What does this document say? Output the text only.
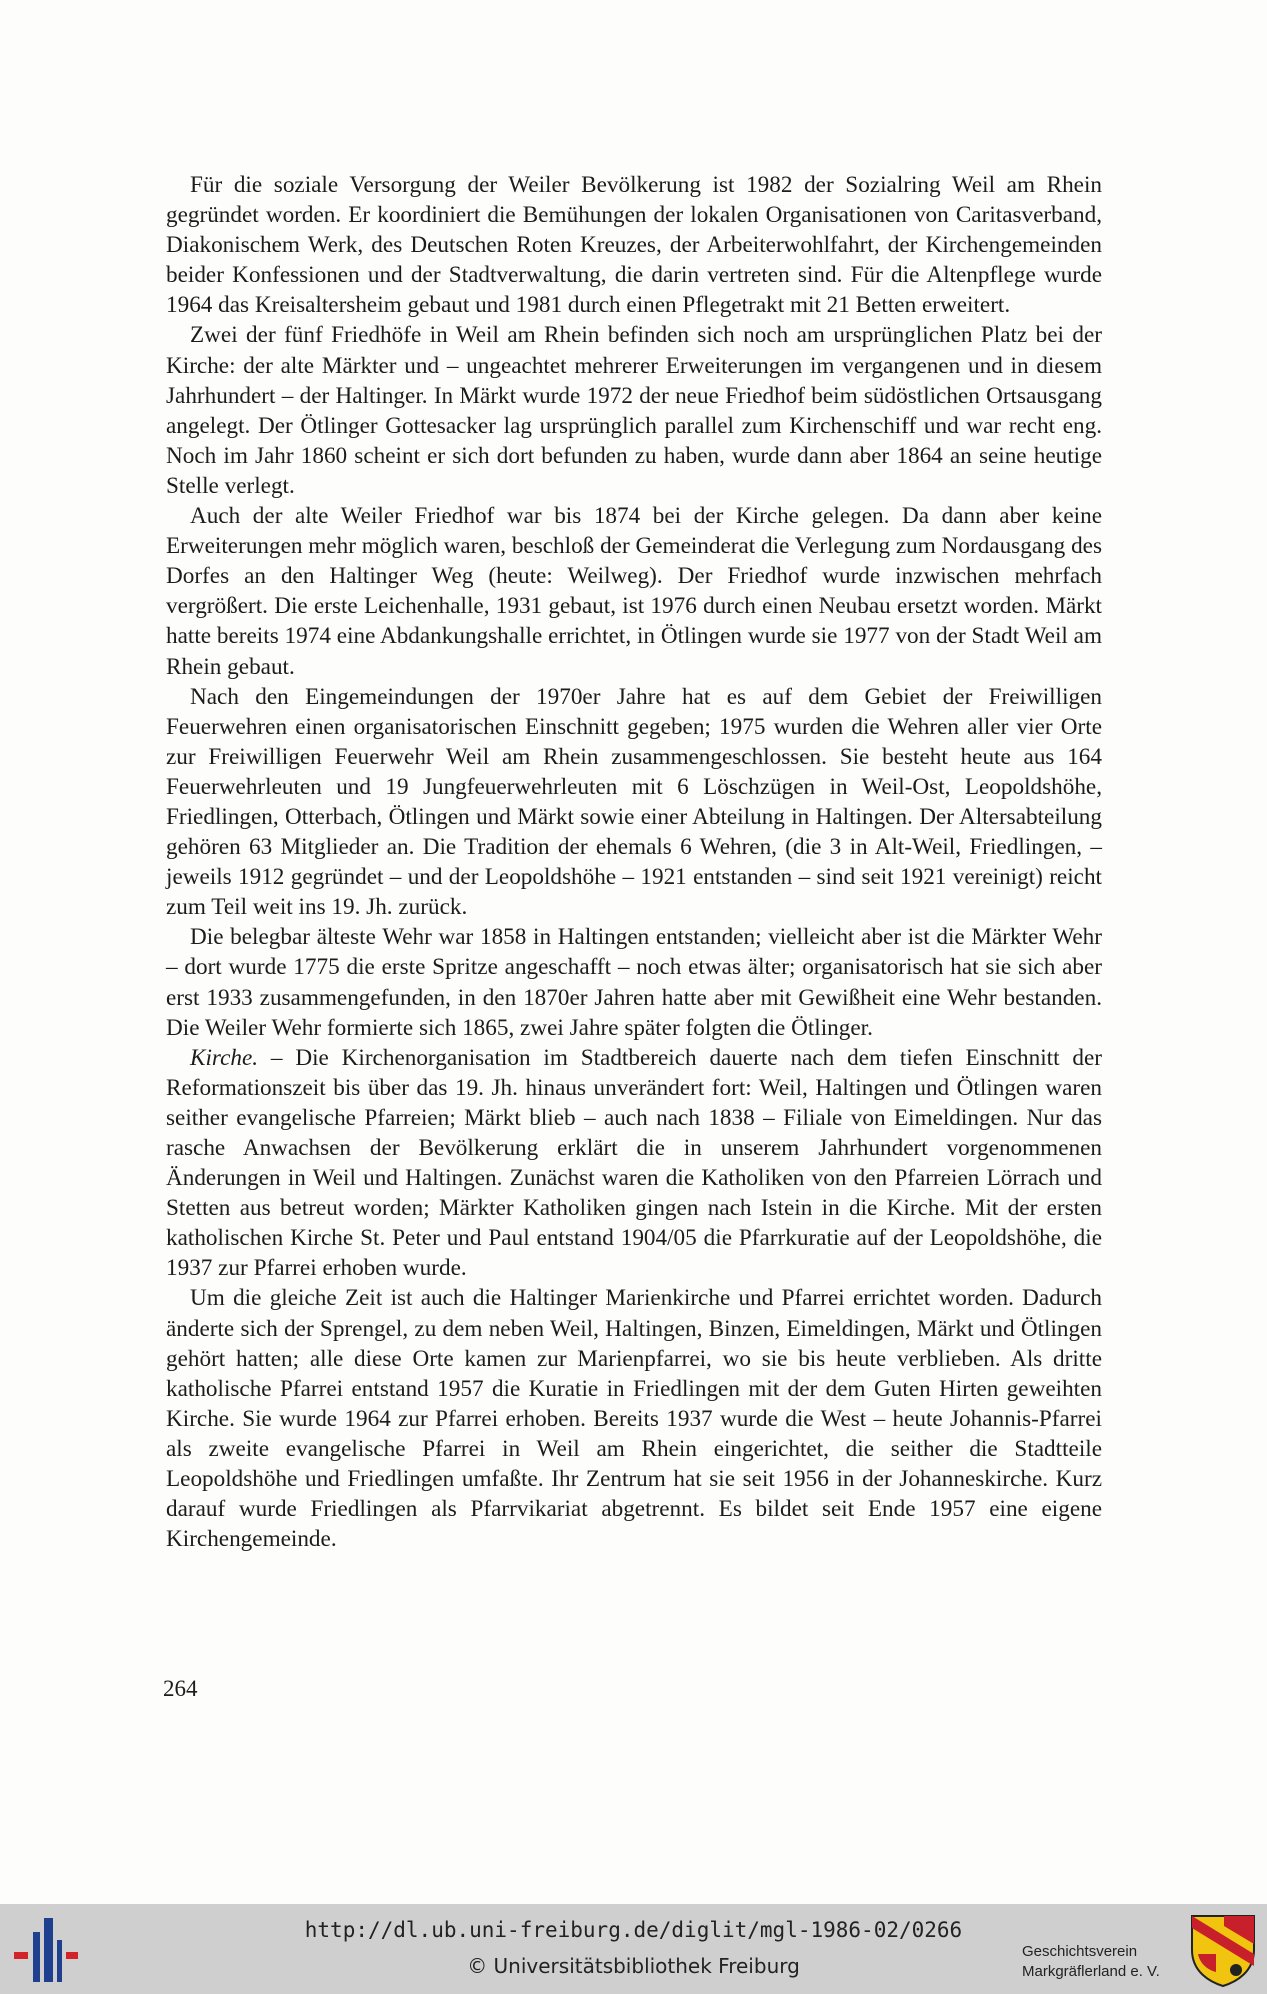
Für die soziale Versorgung der Weiler Bevölkerung ist 1982 der Sozialring Weil am Rhein gegründet worden. Er koordiniert die Bemühungen der lokalen Organisationen von Caritasverband, Diakonischem Werk, des Deutschen Roten Kreuzes, der Arbeiterwohlfahrt, der Kirchengemeinden beider Konfessionen und der Stadtverwaltung, die darin vertreten sind. Für die Altenpflege wurde 1964 das Kreisaltersheim gebaut und 1981 durch einen Pflegetrakt mit 21 Betten erweitert.

Zwei der fünf Friedhöfe in Weil am Rhein befinden sich noch am ursprünglichen Platz bei der Kirche: der alte Märkter und – ungeachtet mehrerer Erweiterungen im vergangenen und in diesem Jahrhundert – der Haltinger. In Märkt wurde 1972 der neue Friedhof beim südöstlichen Ortsausgang angelegt. Der Ötlinger Gottesacker lag ursprünglich parallel zum Kirchenschiff und war recht eng. Noch im Jahr 1860 scheint er sich dort befunden zu haben, wurde dann aber 1864 an seine heutige Stelle verlegt.

Auch der alte Weiler Friedhof war bis 1874 bei der Kirche gelegen. Da dann aber keine Erweiterungen mehr möglich waren, beschloß der Gemeinderat die Verlegung zum Nordausgang des Dorfes an den Haltinger Weg (heute: Weilweg). Der Friedhof wurde inzwischen mehrfach vergrößert. Die erste Leichenhalle, 1931 gebaut, ist 1976 durch einen Neubau ersetzt worden. Märkt hatte bereits 1974 eine Abdankungshalle errichtet, in Ötlingen wurde sie 1977 von der Stadt Weil am Rhein gebaut.

Nach den Eingemeindungen der 1970er Jahre hat es auf dem Gebiet der Freiwilligen Feuerwehren einen organisatorischen Einschnitt gegeben; 1975 wurden die Wehren aller vier Orte zur Freiwilligen Feuerwehr Weil am Rhein zusammengeschlossen. Sie besteht heute aus 164 Feuerwehrleuten und 19 Jungfeuerwehrleuten mit 6 Löschzügen in Weil-Ost, Leopoldshöhe, Friedlingen, Otterbach, Ötlingen und Märkt sowie einer Abteilung in Haltingen. Der Altersabteilung gehören 63 Mitglieder an. Die Tradition der ehemals 6 Wehren, (die 3 in Alt-Weil, Friedlingen, – jeweils 1912 gegründet – und der Leopoldshöhe – 1921 entstanden – sind seit 1921 vereinigt) reicht zum Teil weit ins 19. Jh. zurück.

Die belegbar älteste Wehr war 1858 in Haltingen entstanden; vielleicht aber ist die Märkter Wehr – dort wurde 1775 die erste Spritze angeschafft – noch etwas älter; organisatorisch hat sie sich aber erst 1933 zusammengefunden, in den 1870er Jahren hatte aber mit Gewißheit eine Wehr bestanden. Die Weiler Wehr formierte sich 1865, zwei Jahre später folgten die Ötlinger.

Kirche. – Die Kirchenorganisation im Stadtbereich dauerte nach dem tiefen Einschnitt der Reformationszeit bis über das 19. Jh. hinaus unverändert fort: Weil, Haltingen und Ötlingen waren seither evangelische Pfarreien; Märkt blieb – auch nach 1838 – Filiale von Eimeldingen. Nur das rasche Anwachsen der Bevölkerung erklärt die in unserem Jahrhundert vorgenommenen Änderungen in Weil und Haltingen. Zunächst waren die Katholiken von den Pfarreien Lörrach und Stetten aus betreut worden; Märkter Katholiken gingen nach Istein in die Kirche. Mit der ersten katholischen Kirche St. Peter und Paul entstand 1904/05 die Pfarrkuratie auf der Leopoldshöhe, die 1937 zur Pfarrei erhoben wurde.

Um die gleiche Zeit ist auch die Haltinger Marienkirche und Pfarrei errichtet worden. Dadurch änderte sich der Sprengel, zu dem neben Weil, Haltingen, Binzen, Eimeldingen, Märkt und Ötlingen gehört hatten; alle diese Orte kamen zur Marienpfarrei, wo sie bis heute verblieben. Als dritte katholische Pfarrei entstand 1957 die Kuratie in Friedlingen mit der dem Guten Hirten geweihten Kirche. Sie wurde 1964 zur Pfarrei erhoben. Bereits 1937 wurde die West – heute Johannis-Pfarrei als zweite evangelische Pfarrei in Weil am Rhein eingerichtet, die seither die Stadtteile Leopoldshöhe und Friedlingen umfaßte. Ihr Zentrum hat sie seit 1956 in der Johanneskirche. Kurz darauf wurde Friedlingen als Pfarrvikariat abgetrennt. Es bildet seit Ende 1957 eine eigene Kirchengemeinde.

264
http://dl.ub.uni-freiburg.de/diglit/mgl-1986-02/0266
© Universitätsbibliothek Freiburg
Geschichtsverein
Markgräflerland e. V.
